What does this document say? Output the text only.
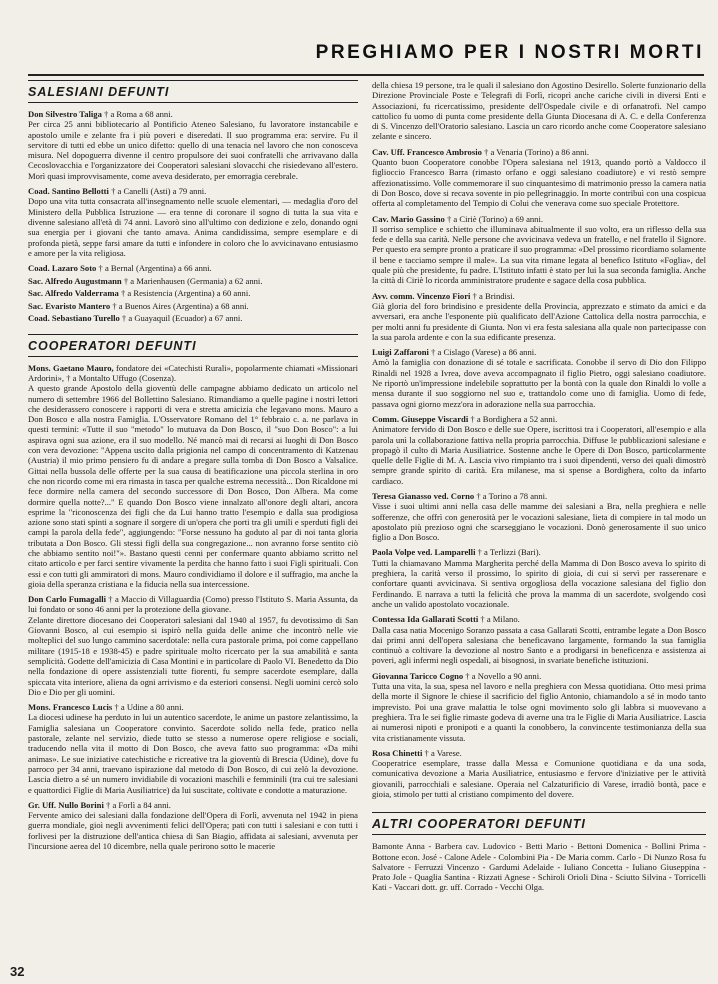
PREGHIAMO PER I NOSTRI MORTI
SALESIANI DEFUNTI

Don Silvestro Taliga † a Roma a 68 anni.
Per circa 25 anni bibliotecario al Pontificio Ateneo Salesiano, fu lavoratore instancabile e apostolo umile e zelante fra i più poveri e diseredati. Il suo programma era: servire. Fu il servitore di tutti ed ebbe un unico difetto: quello di una tenacia nel lavoro che non conosceva misura. Nel dopoguerra divenne il centro propulsore dei suoi confratelli che arrivavano dalla Cecoslovacchia e l'organizzatore dei Cooperatori salesiani slovacchi che risiedevano all'estero. Morì quasi improvvisamente, come aveva desiderato, per emorragia cerebrale.

Coad. Santino Bellotti † a Canelli (Asti) a 79 anni.
Dopo una vita tutta consacrata all'insegnamento nelle scuole elementari, — medaglia d'oro del Ministero della Pubblica Istruzione — era tenne di coronare il sogno di tutta la sua vita e divenne salesiano all'età di 74 anni. Lavorò sino all'ultimo con dedizione e zelo, donando ogni sua energia per i giovani che tanto amava. Anima candidissima, sempre esemplare e di profonda pietà, seppe farsi amare da tutti e infondere in coloro che lo avvicinavano entusiasmo e amore per la vita religiosa.

Coad. Lazaro Soto † a Bernal (Argentina) a 66 anni.

Sac. Alfredo Augustmann † a Marienhausen (Germania) a 62 anni.

Sac. Alfredo Valderrama † a Resistencia (Argentina) a 60 anni.

Sac. Evaristo Mantero † a Buenos Aires (Argentina) a 68 anni.

Coad. Sebastiano Turello † a Guayaquil (Ecuador) a 67 anni.

COOPERATORI DEFUNTI

Mons. Gaetano Mauro, fondatore dei «Catechisti Rurali», popolarmente chiamati «Missionari Ardorini», † a Montalto Uffugo (Cosenza).
A questo grande Apostolo della gioventù delle campagne abbiamo dedicato un articolo nel numero di settembre 1966 del Bollettino Salesiano. Rimandiamo a quelle pagine i nostri lettori che desiderassero conoscere i rapporti di vera e stretta amicizia che legavano mons. Mauro a Don Bosco e alla nostra Famiglia. L'Osservatore Romano del 1° febbraio c. a. ne parlava in questi termini: «Tutte il suo "metodo" lo mutuava da Don Bosco, il "suo Don Bosco": a lui aspirava ogni sua azione, era il suo modello. Né mancò mai di recarsi ai luoghi di Don Bosco con vera devozione: "Appena uscito dalla prigionia nel campo di concentramento di Katzenau (Austria) il mio primo pensiero fu di andare a pregare sulla tomba di Don Bosco a Valsalice. Gittai nella bussola delle offerte per la sua causa di beatificazione una piccola sterlina in oro che non ricordo come mi era rimasta in tasca per qualche estrema necessità... Don Ricaldone mi fece dormire nella camera del secondo successore di Don Bosco, Don Albera. Ma come dormire quella notte?..." E quando Don Bosco viene innalzato all'onore degli altari, ancora esprime la "riconoscenza dei figli che da Lui hanno tratto l'esempio e dalla sua prodigiosa azione sono stati spinti a sognare il sorgere di un'opera che porti tra gli umili e sperduti figli dei campi la parola della fede", aggiungendo: "Forse nessuno ha goduto al par di noi tanta gloria tributata a Don Bosco. Gli stessi figli della sua congregazione... non avranno forse sentito ciò che abbiamo sentito noi!"». Bastano questi cenni per confermare quanto abbiamo scritto nel citato articolo e per farci sentire vivamente la perdita che hanno fatto i suoi Figli spirituali. Con essi e con tutti gli ammiratori di mons. Mauro condividiamo il dolore e il suffragio, ma anche la gioia della speranza cristiana e la fiducia nella sua intercessione.

Don Carlo Fumagalli † a Maccio di Villaguardia (Como) presso l'Istituto S. Maria Assunta, da lui fondato or sono 46 anni per la protezione della giovane.
Zelante direttore diocesano dei Cooperatori salesiani dal 1940 al 1957, fu devotissimo di San Giovanni Bosco, al cui esempio si ispirò nella guida delle anime che incontrò nelle vie molteplici del suo lungo cammino sacerdotale: nella cura pastorale prima, poi come cappellano militare (1915-18 e 1938-45) e padre spirituale molto ricercato per la sua amabilità e santa semplicità. Godette dell'amicizia di Casa Montini e in particolare di Paolo VI. Benedetto da Dio nella fondazione di opere assistenziali tutte fiorenti, fu sempre sacerdote esemplare, dalla spiccata vita interiore, aliena da ogni arrivismo e da esteriori consensi. Negli uomini cercò solo Dio e Dio per gli uomini.

Mons. Francesco Lucis † a Udine a 80 anni.
La diocesi udinese ha perduto in lui un autentico sacerdote, le anime un pastore zelantissimo, la Famiglia salesiana un Cooperatore convinto. Sacerdote solido nella fede, pratico nella pastorale, zelante nel servizio, diede tutto se stesso a numerose opere religiose e sociali, traducendo nella vita il motto di Don Bosco, che aveva fatto suo programma: «Da mihi animas». Le sue iniziative catechistiche e ricreative tra la gioventù di Brescia (Udine), dove fu parroco per 34 anni, traevano ispirazione dal metodo di Don Bosco, di cui zelò la devozione. Lascia dietro a sé un numero invidiabile di vocazioni maschili e femminili (tra cui tre salesiani e quattordici Figlie di Maria Ausiliatrice) da lui suscitate, coltivate e condotte a maturazione.

Gr. Uff. Nullo Borini † a Forlì a 84 anni.
Fervente amico dei salesiani dalla fondazione dell'Opera di Forlì, avvenuta nel 1942 in piena guerra mondiale, gioì negli avvenimenti felici dell'Opera; pati con tutti i salesiani e con tutti i forlivesi per la distruzione dell'antica chiesa di San Biagio, affidata ai salesiani, avvenuta per l'incursione aerea del 10 dicembre, nella quale perirono sotto le macerie

della chiesa 19 persone, tra le quali il salesiano don Agostino Desirello. Solerte funzionario della Direzione Provinciale Poste e Telegrafi di Forlì, ricoprì anche cariche civili in diversi Enti e Associazioni, fu ricercatissimo, presidente dell'Ospedale civile e di orfanatrofi. Nel campo cattolico fu uomo di punta come presidente della Giunta Diocesana di A. C. e della Conferenza di S. Vincenzo dell'Oratorio salesiano. Lascia un caro ricordo anche come Cooperatore salesiano zelante e sincero.

Cav. Uff. Francesco Ambrosio † a Venaria (Torino) a 86 anni.
Quanto buon Cooperatore conobbe l'Opera salesiana nel 1913, quando portò a Valdocco il figlioccio Francesco Barra (rimasto orfano e oggi salesiano coadiutore) e vi restò sempre affezionatissimo. Volle commemorare il suo cinquantesimo di matrimonio presso la camera natia di Don Bosco, dove si recava sovente in pio pellegrinaggio. In morte contribuì con una cospicua offerta al completamento del Tempio di Colui che venerava come suo speciale Protettore.

Cav. Mario Gassino † a Ciriè (Torino) a 69 anni.
Il sorriso semplice e schietto che illuminava abitualmente il suo volto, era un riflesso della sua fede e della sua carità. Nelle persone che avvicinava vedeva un fratello, e nel fratello il Signore. Per questo era sempre pronto a praticare il suo programma: «Del prossimo ricordiamo solamente il bene e tacciamo sempre il male». La sua vita rimane legata al benefico Istituto «Foglia», del quale più che presidente, fu padre. L'Istituto infatti è stato per lui la sua seconda famiglia. Anche la città di Ciriè lo ricorda amministratore prudente e sagace della cosa pubblica.

Avv. comm. Vincenzo Fiori † a Brindisi.
Già gloria del foro brindisino e presidente della Provincia, apprezzato e stimato da amici e da avversari, era anche l'esponente più qualificato dell'Azione Cattolica della nostra parrocchia, e per molti anni fu presidente di Giunta. Non vi era festa salesiana alla quale non partecipasse con la sua parola ardente e con la sua edificante presenza.

Luigi Zaffaroni † a Cislago (Varese) a 86 anni.
Amò la famiglia con donazione di sé totale e sacrificata. Conobbe il servo di Dio don Filippo Rinaldi nel 1928 a Ivrea, dove aveva accompagnato il figlio Pietro, oggi salesiano coadiutore. Ne riportò un'impressione indelebile soprattutto per la bontà con la quale don Rinaldi lo volle a mensa durante il suo soggiorno nel suo e, trattandolo come uno di famiglia. Uomo di fede, passava ogni giorno mezz'ora in adorazione nella sua parrocchia.

Comm. Giuseppe Viscardi † a Bordighera a 52 anni.
Animatore fervido di Don Bosco e delle sue Opere, iscrittosi tra i Cooperatori, all'esempio e alla parola unì la collaborazione fattiva nella propria parrocchia. Diffuse le pubblicazioni salesiane e propagò il culto di Maria Ausiliatrice. Sostenne anche le Opere di Don Bosco, particolarmente quelle delle Figlie di M. A. Lascia vivo rimpianto tra i suoi dipendenti, verso dei quali dimostrò sempre grande spirito di carità. Era milanese, ma si spense a Bordighera, colto da infarto cardiaco.

Teresa Gianasso ved. Corno † a Torino a 78 anni.
Visse i suoi ultimi anni nella casa delle mamme dei salesiani a Bra, nella preghiera e nelle sofferenze, che offrì con generosità per le vocazioni salesiane, lieta di compiere in tal modo un apostolato più prezioso ogni che scarseggiano le vocazioni. Donò generosamente il suo unico figlio a Don Bosco.

Paola Volpe ved. Lamparelli † a Terlizzi (Bari).
Tutti la chiamavano Mamma Margherita perché della Mamma di Don Bosco aveva lo spirito di preghiera, la carità verso il prossimo, lo spirito di gioia, di cui si servì per rasserenare e confortare quanti avvicinava. Si sentiva orgogliosa della vocazione salesiana del figlio don Ferdinando. E narrava a tutti la felicità che prova la mamma di un sacerdote, svolgendo così anche un valido apostolato vocazionale.

Contessa Ida Gallarati Scotti † a Milano.
Dalla casa natia Mocenigo Soranzo passata a casa Gallarati Scotti, entrambe legate a Don Bosco dai primi anni dell'opera salesiana che beneficavano largamente, formando la sua famiglia continuò a coltivare la devozione al nostro Santo e a prodigarsi in beneficenza e assistenza ai poveri, agli infermi negli ospedali, ai bisognosi, in svariate benefiche istituzioni.

Giovanna Taricco Cogno † a Novello a 90 anni.
Tutta una vita, la sua, spesa nel lavoro e nella preghiera con Messa quotidiana. Otto mesi prima della morte il Signore le chiese il sacrificio del figlio Antonio, chiamandolo a sé in modo tanto imprevisto. Poi una grave malattia le tolse ogni movimento solo gli labbra si muovevano a preghiera. Tra le sei figlie rimaste godeva di averne una tra le Figlie di Maria Ausiliatrice. Lascia ai numerosi nipoti e pronipoti e a quanti la conobbero, la convincente testimonianza della sua vita cristianamente vissuta.

Rosa Chinetti † a Varese.
Cooperatrice esemplare, trasse dalla Messa e Comunione quotidiana e da una soda, comunicativa devozione a Maria Ausiliatrice, entusiasmo e fervore d'iniziative per le attività giovanili, parrocchiali e salesiane. Operaia nel Calzaturificio di Varese, irradiò bontà, pace e gioia, stimolo per tutti al cristiano compimento del dovere.

ALTRI COOPERATORI DEFUNTI

Bamonte Anna - Barbera cav. Ludovico - Betti Mario - Bettoni Domenica - Bollini Prima - Bottone econ. José - Calone Adele - Colombini Pia - De Maria comm. Carlo - Di Nunzo Rosa fu Salvatore - Ferruzzi Vincenzo - Gardumi Adelaide - Iuliano Concetta - Iuliano Giuseppina - Prato Jole - Quaglia Santina - Rizzati Agnese - Schiroli Orioli Dina - Sciutto Silvina - Torricelli Kati - Vaccari dott. gr. uff. Corrado - Vecchi Olga.

32
